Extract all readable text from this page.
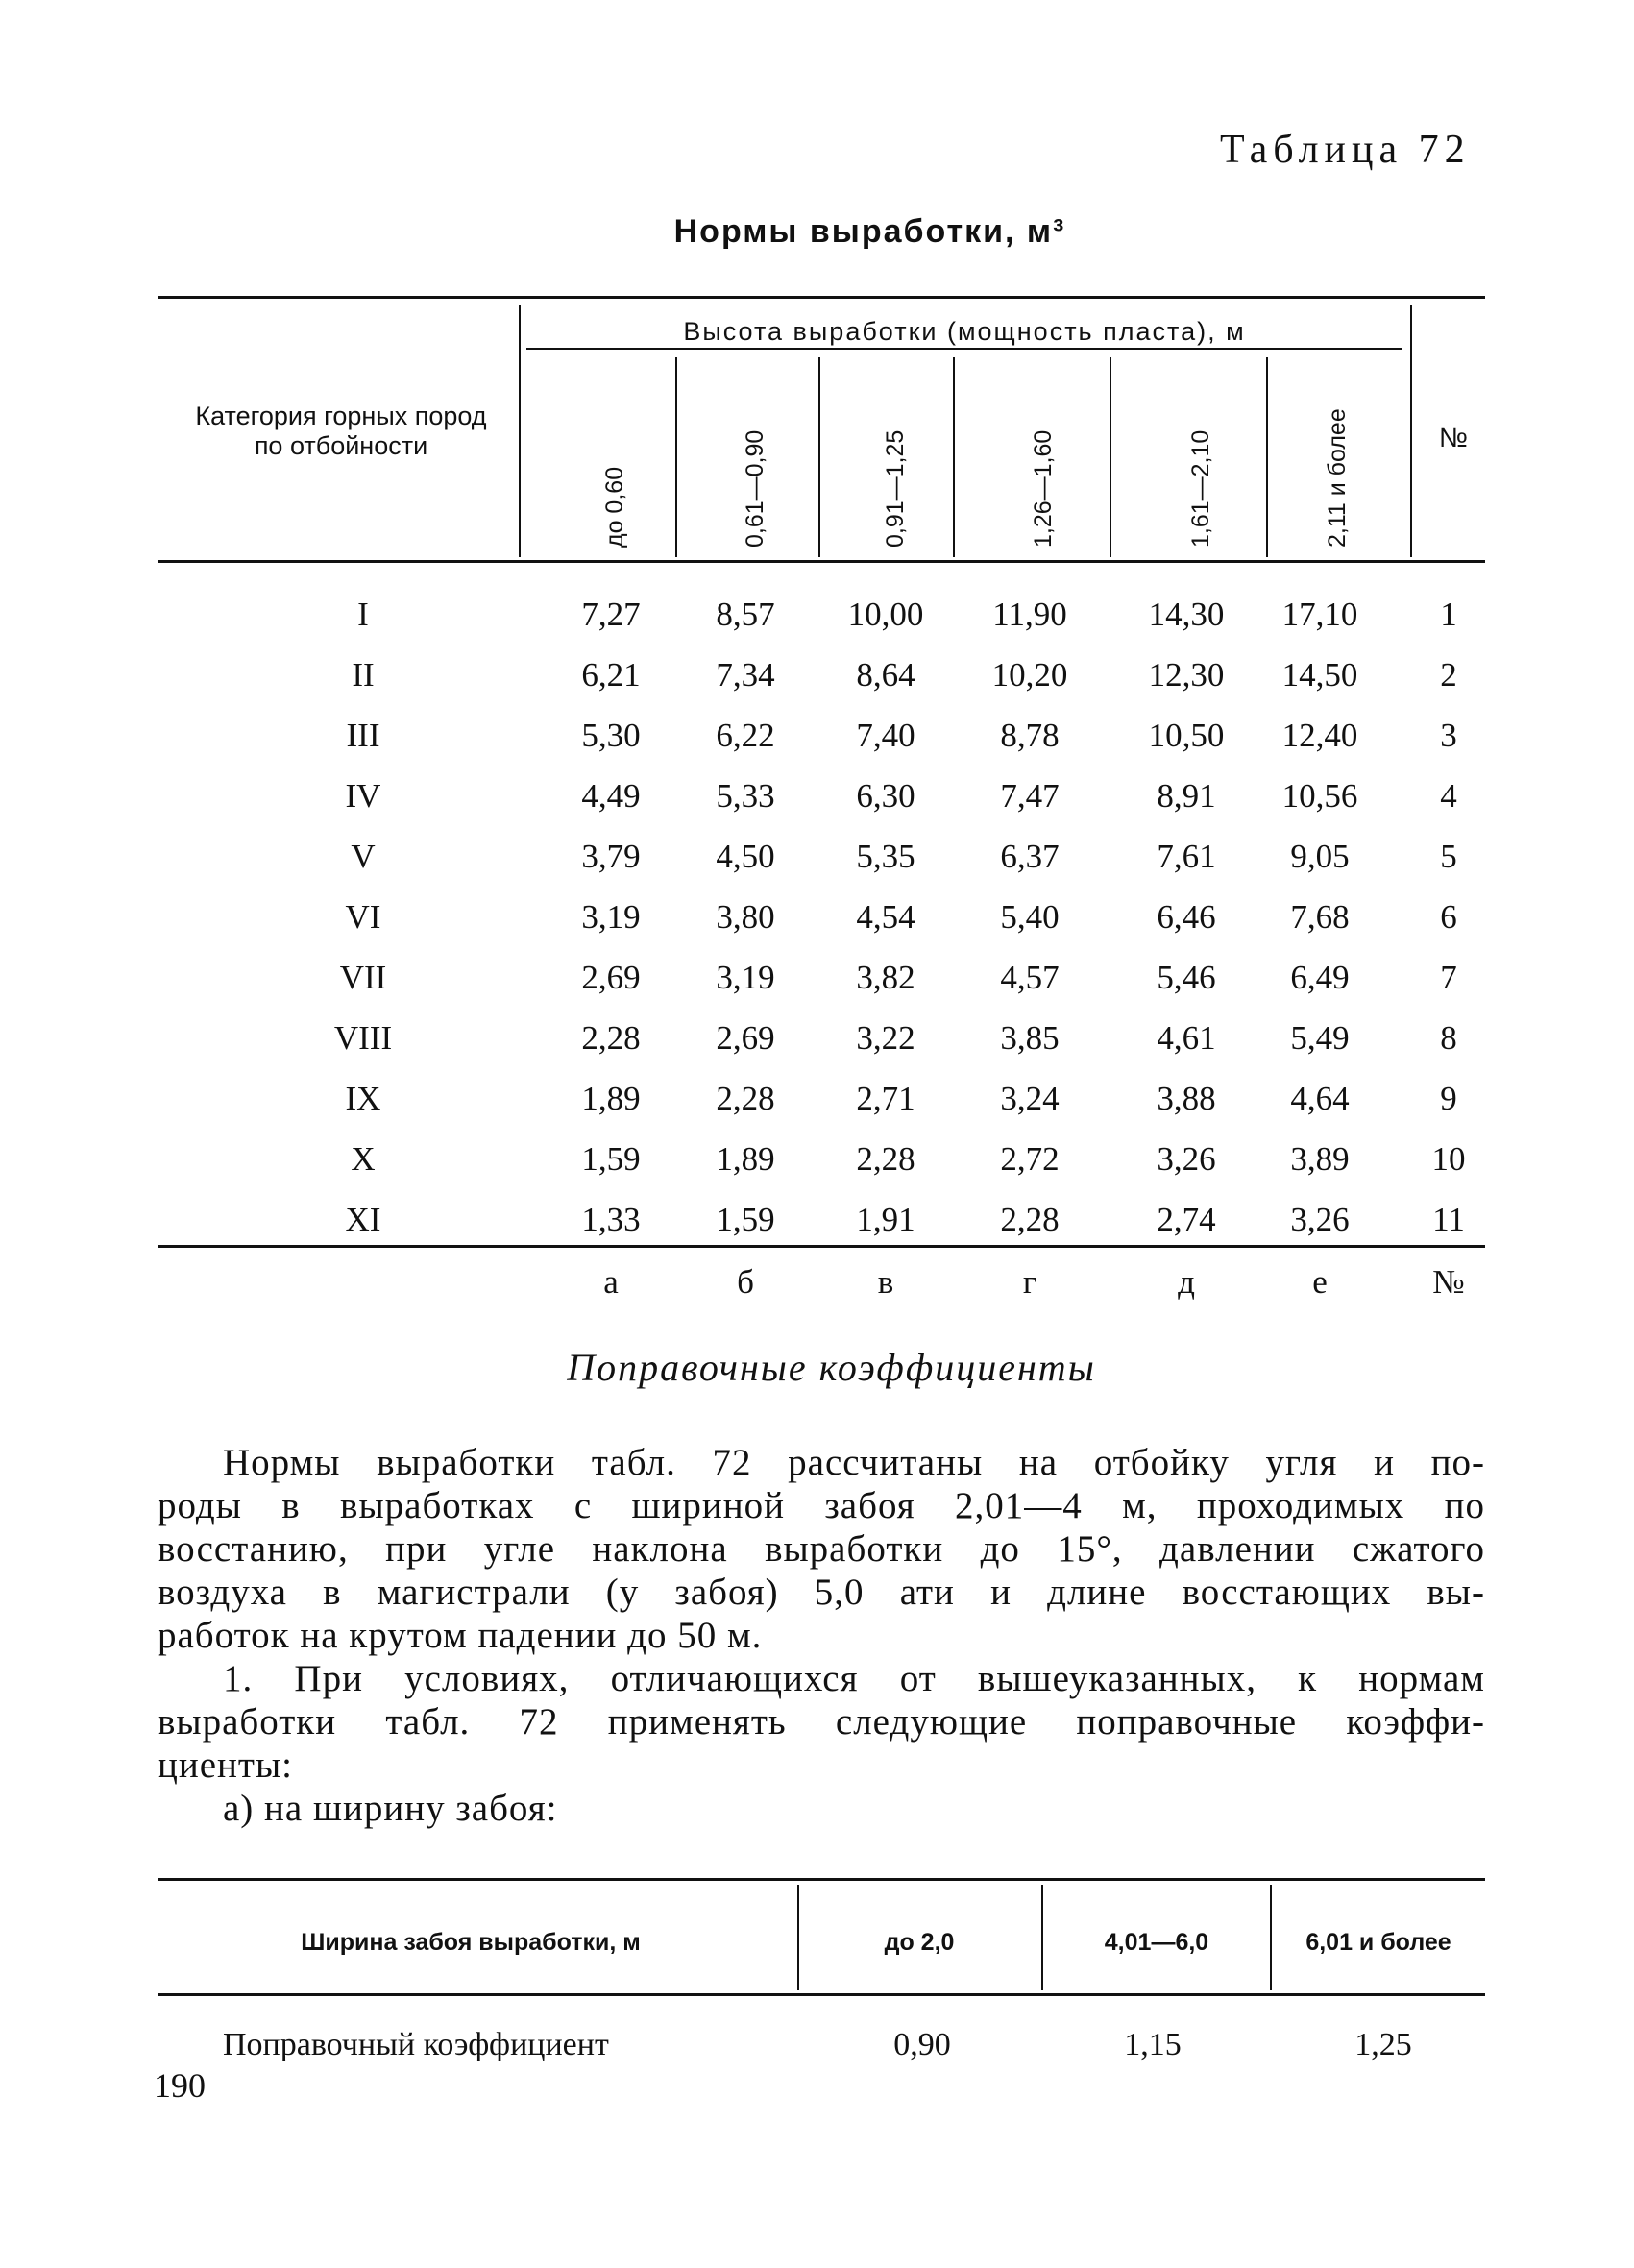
Таблица 72
Нормы выработки, м³
Высота выработки (мощность пласта), м
Категория горных пород по отбойности
до 0,60	0,61—0,90	0,91—1,25	1,26—1,60	1,61—2,10	2,11 и более	№
I	7,27	8,57	10,00	11,90	14,30	17,10	1
II	6,21	7,34	8,64	10,20	12,30	14,50	2
III	5,30	6,22	7,40	8,78	10,50	12,40	3
IV	4,49	5,33	6,30	7,47	8,91	10,56	4
V	3,79	4,50	5,35	6,37	7,61	9,05	5
VI	3,19	3,80	4,54	5,40	6,46	7,68	6
VII	2,69	3,19	3,82	4,57	5,46	6,49	7
VIII	2,28	2,69	3,22	3,85	4,61	5,49	8
IX	1,89	2,28	2,71	3,24	3,88	4,64	9
X	1,59	1,89	2,28	2,72	3,26	3,89	10
XI	1,33	1,59	1,91	2,28	2,74	3,26	11
а	б	в	г	д	е	№
Поправочные коэффициенты
Нормы выработки табл. 72 рассчитаны на отбойку угля и по-
роды в выработках с шириной забоя 2,01—4 м, проходимых по
восстанию, при угле наклона выработки до 15°, давлении сжатого
воздуха в магистрали (у забоя) 5,0 ати и длине восстающих вы-
работок на крутом падении до 50 м.
1. При условиях, отличающихся от вышеуказанных, к нормам
выработки табл. 72 применять следующие поправочные коэффи-
циенты:
а) на ширину забоя:
Ширина забоя выработки, м	до 2,0	4,01—6,0	6,01 и более
Поправочный коэффициент	0,90	1,15	1,25
190
